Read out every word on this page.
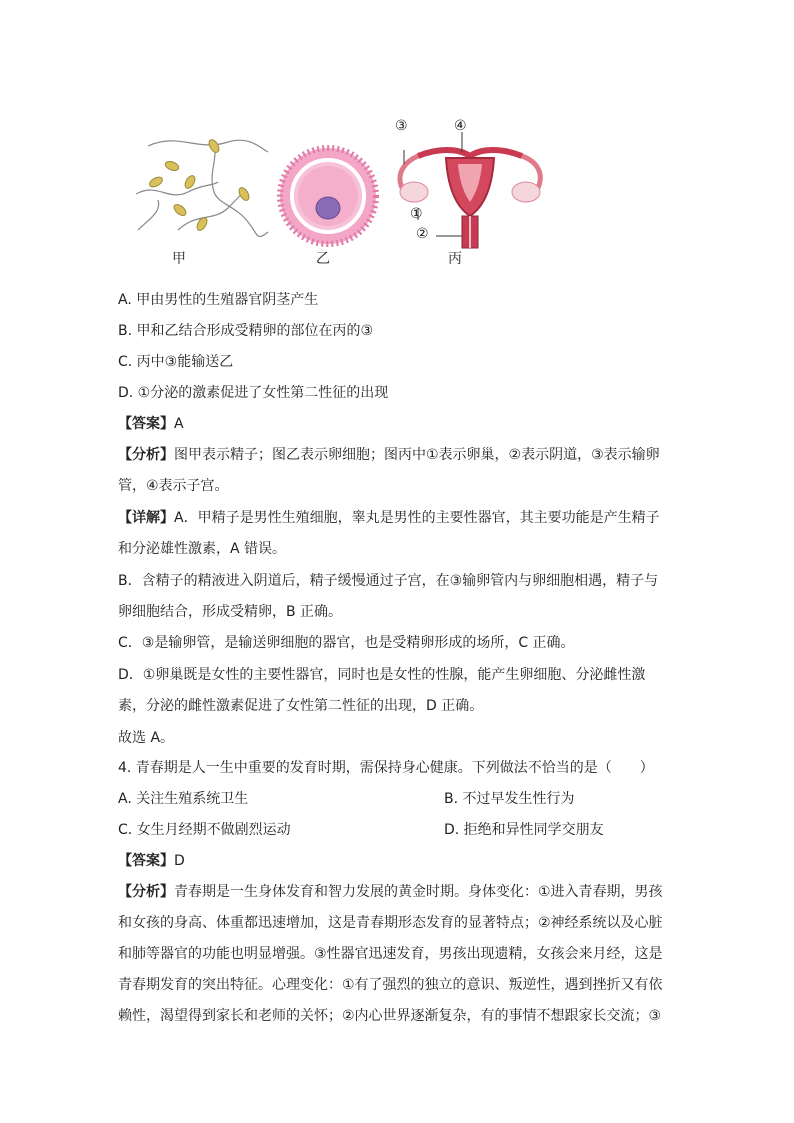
③	④
①
②
甲	乙	丙
A. 甲由男性的生殖器官阴茎产生
B. 甲和乙结合形成受精卵的部位在丙的③
C. 丙中③能输送乙
D. ①分泌的激素促进了女性第二性征的出现
【答案】A
【分析】图甲表示精子；图乙表示卵细胞；图丙中①表示卵巢，②表示阴道，③表示输卵
管，④表示子宫。
【详解】A．甲精子是男性生殖细胞，睾丸是男性的主要性器官，其主要功能是产生精子
和分泌雄性激素，A 错误。
B．含精子的精液进入阴道后，精子缓慢通过子宫，在③输卵管内与卵细胞相遇，精子与
卵细胞结合，形成受精卵，B 正确。
C．③是输卵管，是输送卵细胞的器官，也是受精卵形成的场所，C 正确。
D．①卵巢既是女性的主要性器官，同时也是女性的性腺，能产生卵细胞、分泌雌性激
素，分泌的雌性激素促进了女性第二性征的出现，D 正确。
故选 A。
4. 青春期是人一生中重要的发育时期，需保持身心健康。下列做法不恰当的是（　　）
A. 关注生殖系统卫生	B. 不过早发生性行为
C. 女生月经期不做剧烈运动	D. 拒绝和异性同学交朋友
【答案】D
【分析】青春期是一生身体发育和智力发展的黄金时期。身体变化：①进入青春期，男孩
和女孩的身高、体重都迅速增加，这是青春期形态发育的显著特点；②神经系统以及心脏
和肺等器官的功能也明显增强。③性器官迅速发育，男孩出现遗精，女孩会来月经，这是
青春期发育的突出特征。心理变化：①有了强烈的独立的意识、叛逆性，遇到挫折又有依
赖性，渴望得到家长和老师的关怀；②内心世界逐渐复杂，有的事情不想跟家长交流；③
